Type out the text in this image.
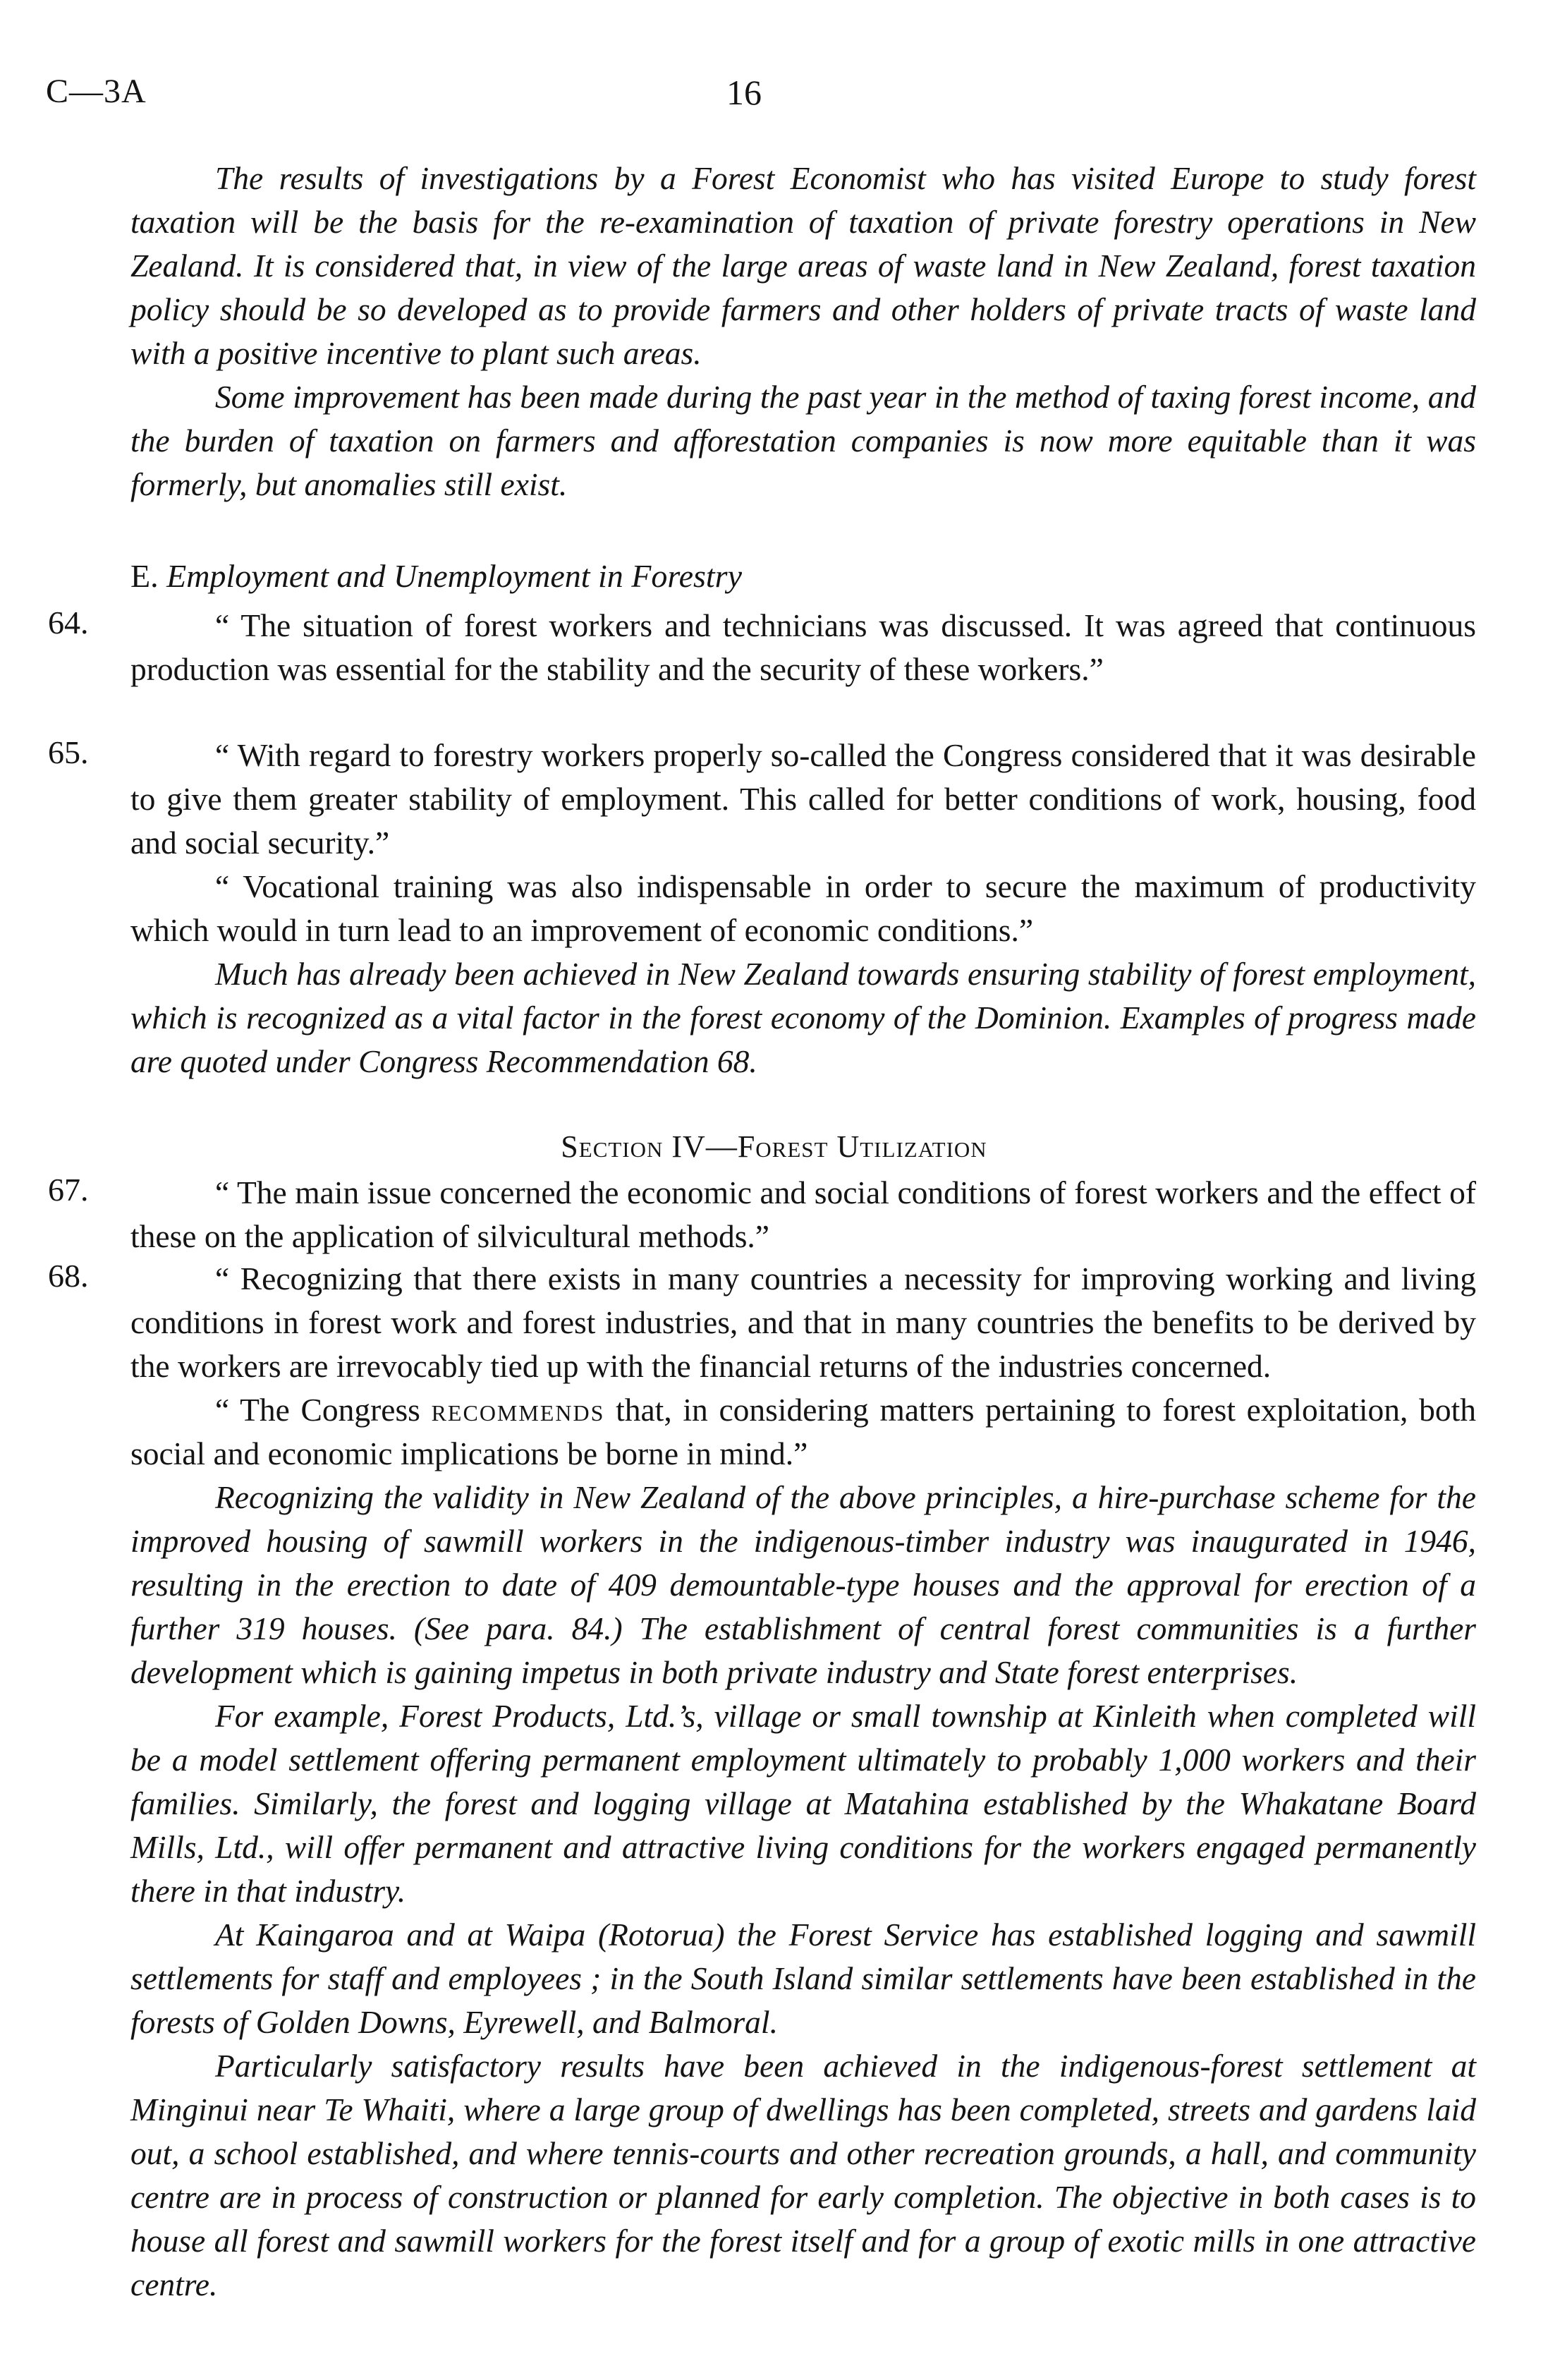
C—3A	16

The results of investigations by a Forest Economist who has visited Europe to study forest taxation will be the basis for the re-examination of taxation of private forestry operations in New Zealand. It is considered that, in view of the large areas of waste land in New Zealand, forest taxation policy should be so developed as to provide farmers and other holders of private tracts of waste land with a positive incentive to plant such areas.

Some improvement has been made during the past year in the method of taxing forest income, and the burden of taxation on farmers and afforestation companies is now more equitable than it was formerly, but anomalies still exist.

E. Employment and Unemployment in Forestry
64.	“ The situation of forest workers and technicians was discussed. It was agreed that continuous production was essential for the stability and the security of these workers.”

65.	“ With regard to forestry workers properly so-called the Congress considered that it was desirable to give them greater stability of employment. This called for better conditions of work, housing, food and social security.”

“ Vocational training was also indispensable in order to secure the maximum of productivity which would in turn lead to an improvement of economic conditions.”

Much has already been achieved in New Zealand towards ensuring stability of forest employment, which is recognized as a vital factor in the forest economy of the Dominion. Examples of progress made are quoted under Congress Recommendation 68.

Section IV—Forest Utilization
67.	“ The main issue concerned the economic and social conditions of forest workers and the effect of these on the application of silvicultural methods.”

68.	“ Recognizing that there exists in many countries a necessity for improving working and living conditions in forest work and forest industries, and that in many countries the benefits to be derived by the workers are irrevocably tied up with the financial returns of the industries concerned.

“ The Congress recommends that, in considering matters pertaining to forest exploitation, both social and economic implications be borne in mind.”

Recognizing the validity in New Zealand of the above principles, a hire-purchase scheme for the improved housing of sawmill workers in the indigenous-timber industry was inaugurated in 1946, resulting in the erection to date of 409 demountable-type houses and the approval for erection of a further 319 houses. (See para. 84.) The establishment of central forest communities is a further development which is gaining impetus in both private industry and State forest enterprises.

For example, Forest Products, Ltd.’s, village or small township at Kinleith when completed will be a model settlement offering permanent employment ultimately to probably 1,000 workers and their families. Similarly, the forest and logging village at Matahina established by the Whakatane Board Mills, Ltd., will offer permanent and attractive living conditions for the workers engaged permanently there in that industry.

At Kaingaroa and at Waipa (Rotorua) the Forest Service has established logging and sawmill settlements for staff and employees ; in the South Island similar settlements have been established in the forests of Golden Downs, Eyrewell, and Balmoral.

Particularly satisfactory results have been achieved in the indigenous-forest settlement at Minginui near Te Whaiti, where a large group of dwellings has been completed, streets and gardens laid out, a school established, and where tennis-courts and other recreation grounds, a hall, and community centre are in process of construction or planned for early completion. The objective in both cases is to house all forest and sawmill workers for the forest itself and for a group of exotic mills in one attractive centre.
